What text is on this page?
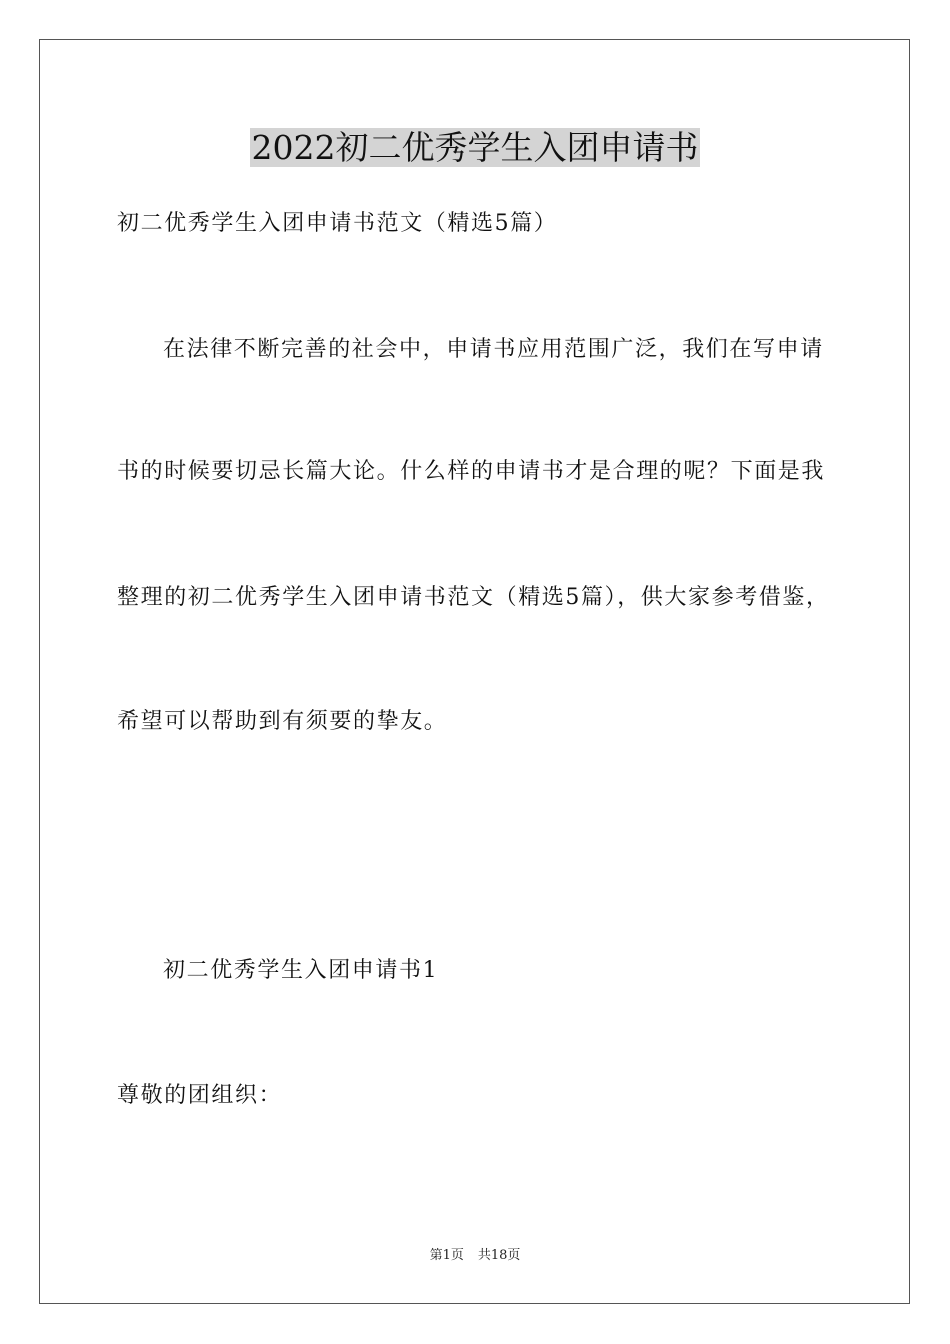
2022初二优秀学生入团申请书
初二优秀学生入团申请书范文（精选5篇）
在法律不断完善的社会中，申请书应用范围广泛，我们在写申请
书的时候要切忌长篇大论。什么样的申请书才是合理的呢？下面是我
整理的初二优秀学生入团申请书范文（精选5篇），供大家参考借鉴，
希望可以帮助到有须要的挚友。
初二优秀学生入团申请书1
尊敬的团组织：
第1页 共18页
